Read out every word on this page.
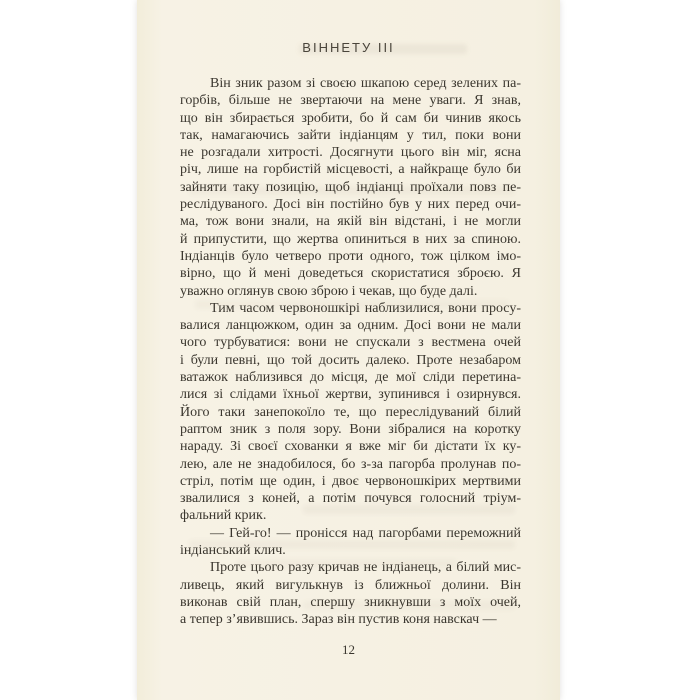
ВІННЕТУ III
Він зник разом зі своєю шкапою серед зелених па-
горбів, більше не звертаючи на мене уваги. Я знав,
що він збирається зробити, бо й сам би чинив якось
так, намагаючись зайти індіанцям у тил, поки вони
не розгадали хитрості. Досягнути цього він міг, ясна
річ, лише на горбистій місцевості, а найкраще було би
зайняти таку позицію, щоб індіанці проїхали повз пе-
реслідуваного. Досі він постійно був у них перед очи-
ма, тож вони знали, на якій він відстані, і не могли
й припустити, що жертва опиниться в них за спиною.
Індіанців було четверо проти одного, тож цілком імо-
вірно, що й мені доведеться скористатися зброєю. Я
уважно оглянув свою зброю і чекав, що буде далі.
Тим часом червоношкірі наблизилися, вони просу-
валися ланцюжком, один за одним. Досі вони не мали
чого турбуватися: вони не спускали з вестмена очей
і були певні, що той досить далеко. Проте незабаром
ватажок наблизився до місця, де мої сліди перетина-
лися зі слідами їхньої жертви, зупинився і озирнувся.
Його таки занепокоїло те, що переслідуваний білий
раптом зник з поля зору. Вони зібралися на коротку
нараду. Зі своєї схованки я вже міг би дістати їх ку-
лею, але не знадобилося, бо з-за пагорба пролунав по-
стріл, потім ще один, і двоє червоношкірих мертвими
звалилися з коней, а потім почувся голосний тріум-
фальний крик.
— Гей-го! — пронісся над пагорбами переможний
індіанський клич.
Проте цього разу кричав не індіанець, а білий мис-
ливець, який вигулькнув із ближньої долини. Він
виконав свій план, спершу зникнувши з моїх очей,
а тепер з’явившись. Зараз він пустив коня навскач —
12
